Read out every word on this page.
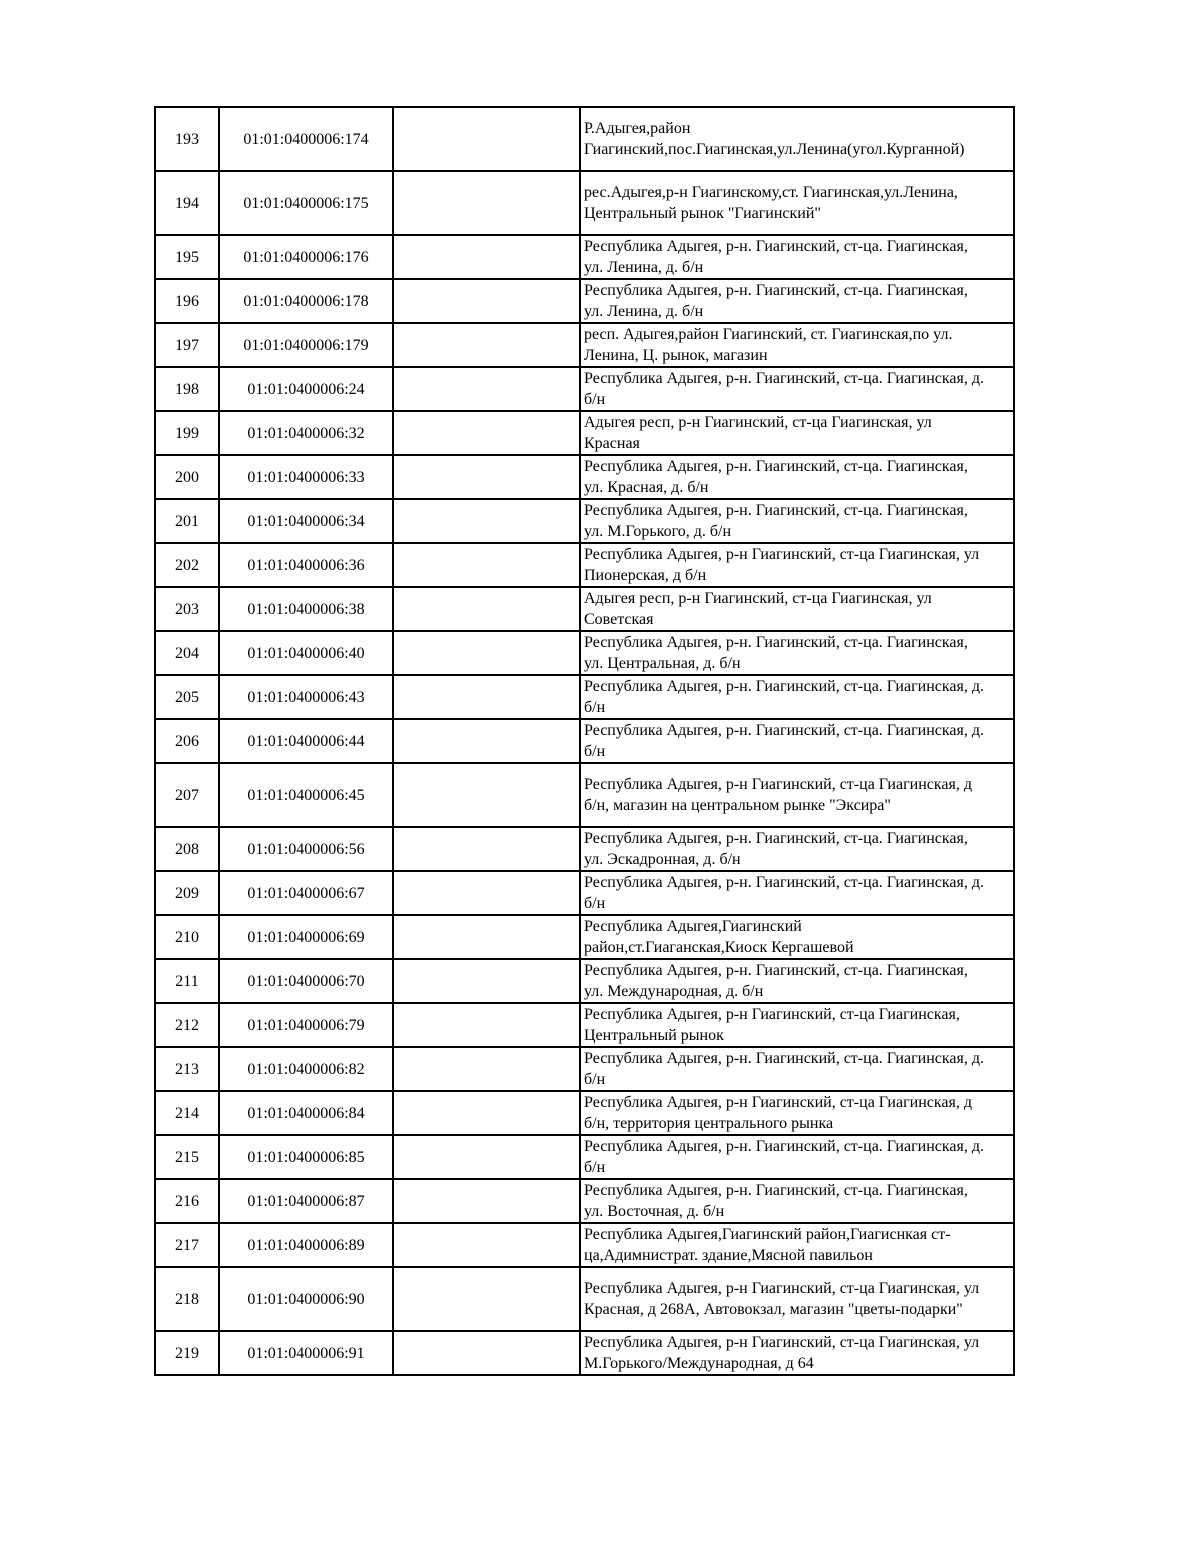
193	01:01:0400006:174		Р.Адыгея,район
Гиагинский,пос.Гиагинская,ул.Ленина(угол.Курганной)

194	01:01:0400006:175		рес.Адыгея,р-н Гиагинскому,ст. Гиагинская,ул.Ленина,
Центральный рынок "Гиагинский"

195	01:01:0400006:176		Республика Адыгея, р-н. Гиагинский, ст-ца. Гиагинская,
ул. Ленина, д. б/н

196	01:01:0400006:178		Республика Адыгея, р-н. Гиагинский, ст-ца. Гиагинская,
ул. Ленина, д. б/н

197	01:01:0400006:179		респ. Адыгея,район Гиагинский, ст. Гиагинская,по ул.
Ленина, Ц. рынок, магазин

198	01:01:0400006:24		Республика Адыгея, р-н. Гиагинский, ст-ца. Гиагинская, д.
б/н

199	01:01:0400006:32		Адыгея респ, р-н Гиагинский, ст-ца Гиагинская, ул
Красная

200	01:01:0400006:33		Республика Адыгея, р-н. Гиагинский, ст-ца. Гиагинская,
ул. Красная, д. б/н

201	01:01:0400006:34		Республика Адыгея, р-н. Гиагинский, ст-ца. Гиагинская,
ул. М.Горького, д. б/н

202	01:01:0400006:36		Республика Адыгея, р-н Гиагинский, ст-ца Гиагинская, ул
Пионерская, д б/н

203	01:01:0400006:38		Адыгея респ, р-н Гиагинский, ст-ца Гиагинская, ул
Советская

204	01:01:0400006:40		Республика Адыгея, р-н. Гиагинский, ст-ца. Гиагинская,
ул. Центральная, д. б/н

205	01:01:0400006:43		Республика Адыгея, р-н. Гиагинский, ст-ца. Гиагинская, д.
б/н

206	01:01:0400006:44		Республика Адыгея, р-н. Гиагинский, ст-ца. Гиагинская, д.
б/н

207	01:01:0400006:45		Республика Адыгея, р-н Гиагинский, ст-ца Гиагинская, д
б/н, магазин на центральном рынке "Эксира"

208	01:01:0400006:56		Республика Адыгея, р-н. Гиагинский, ст-ца. Гиагинская,
ул. Эскадронная, д. б/н

209	01:01:0400006:67		Республика Адыгея, р-н. Гиагинский, ст-ца. Гиагинская, д.
б/н

210	01:01:0400006:69		Республика Адыгея,Гиагинский
район,ст.Гиаганская,Киоск Кергашевой

211	01:01:0400006:70		Республика Адыгея, р-н. Гиагинский, ст-ца. Гиагинская,
ул. Международная, д. б/н

212	01:01:0400006:79		Республика Адыгея, р-н Гиагинский, ст-ца Гиагинская,
Центральный рынок

213	01:01:0400006:82		Республика Адыгея, р-н. Гиагинский, ст-ца. Гиагинская, д.
б/н

214	01:01:0400006:84		Республика Адыгея, р-н Гиагинский, ст-ца Гиагинская, д
б/н, территория центрального рынка

215	01:01:0400006:85		Республика Адыгея, р-н. Гиагинский, ст-ца. Гиагинская, д.
б/н

216	01:01:0400006:87		Республика Адыгея, р-н. Гиагинский, ст-ца. Гиагинская,
ул. Восточная, д. б/н

217	01:01:0400006:89		Республика Адыгея,Гиагинский район,Гиагиснкая ст-
ца,Адимнистрат. здание,Мясной павильон

218	01:01:0400006:90		Республика Адыгея, р-н Гиагинский, ст-ца Гиагинская, ул
Красная, д 268А, Автовокзал, магазин "цветы-подарки"

219	01:01:0400006:91		Республика Адыгея, р-н Гиагинский, ст-ца Гиагинская, ул
М.Горького/Международная, д 64
